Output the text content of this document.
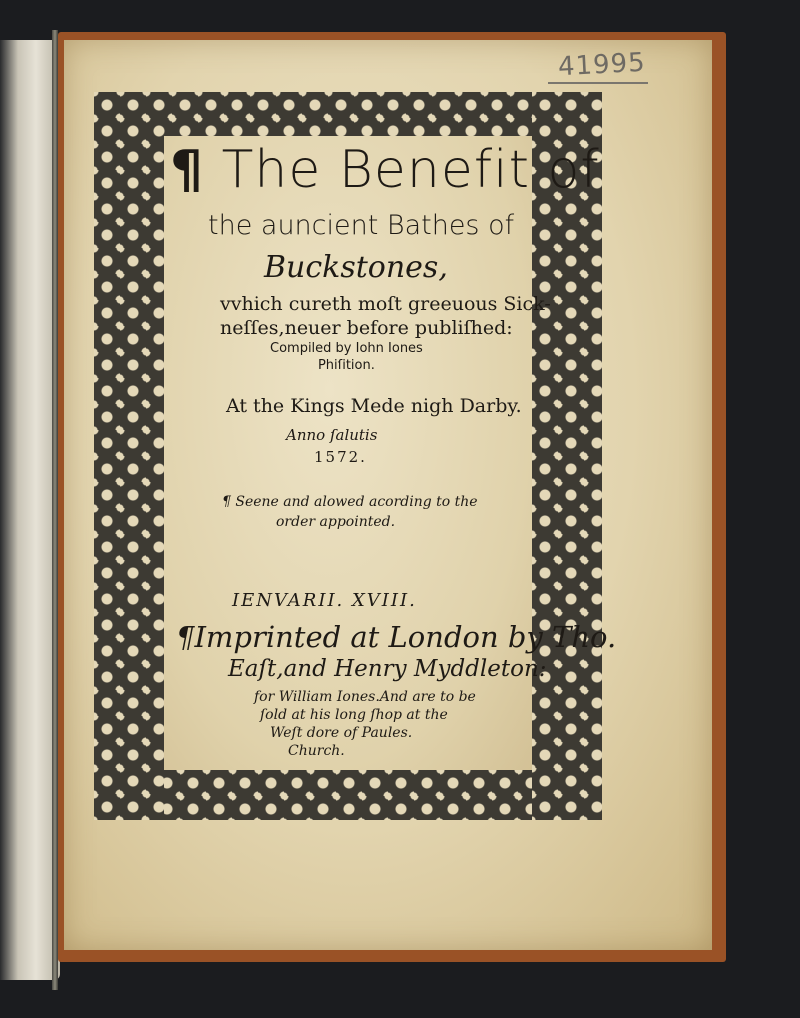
41995
¶ The Benefit of
the auncient Bathes of
Buckstones,
vvhich cureth moſt greeuous Sick-
neſſes,neuer before publiſhed:
Compiled by Iohn Iones
Phiſition.
At the Kings Mede nigh Darby.
Anno ſalutis
1572.
¶ Seene and alowed acording to the
order appointed.
IENVARII. XVIII.
¶Imprinted at London by Tho.
Eaſt,and Henry Myddleton:
for William Iones.And are to be
ſold at his long ſhop at the
Weſt dore of Paules.
Church.
